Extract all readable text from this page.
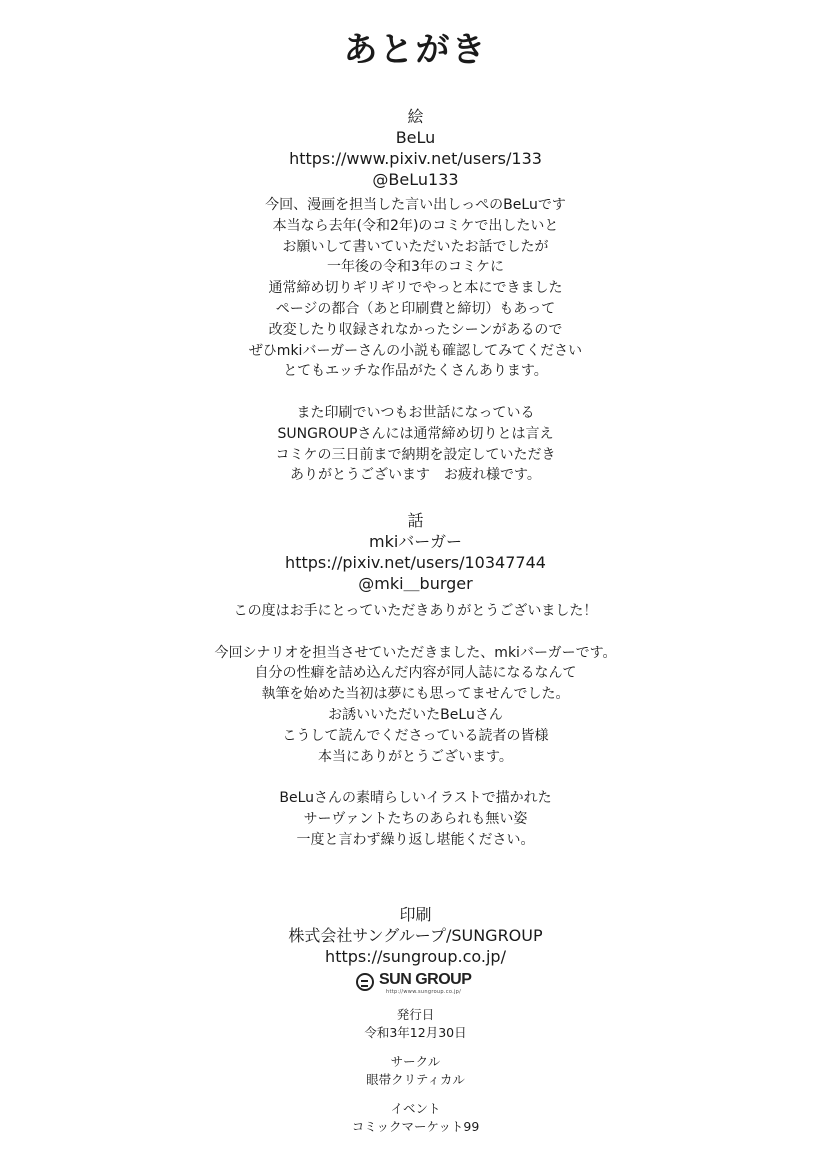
あとがき
絵
BeLu
https://www.pixiv.net/users/133
@BeLu133
今回、漫画を担当した言い出しっぺのBeLuです
本当なら去年(令和2年)のコミケで出したいと
お願いして書いていただいたお話でしたが
一年後の令和3年のコミケに
通常締め切りギリギリでやっと本にできました
ページの都合（あと印刷費と締切）もあって
改変したり収録されなかったシーンがあるので
ぜひmkiバーガーさんの小説も確認してみてください
とてもエッチな作品がたくさんあります。

また印刷でいつもお世話になっている
SUNGROUPさんには通常締め切りとは言え
コミケの三日前まで納期を設定していただき
ありがとうございます　お疲れ様です。
話
mkiバーガー
https://pixiv.net/users/10347744
@mki＿burger
この度はお手にとっていただきありがとうございました！

今回シナリオを担当させていただきました、mkiバーガーです。
自分の性癖を詰め込んだ内容が同人誌になるなんて
執筆を始めた当初は夢にも思ってませんでした。
お誘いいただいたBeLuさん
こうして読んでくださっている読者の皆様
本当にありがとうございます。

BeLuさんの素晴らしいイラストで描かれた
サーヴァントたちのあられも無い姿
一度と言わず繰り返し堪能ください。
印刷
株式会社サングループ/SUNGROUP
https://sungroup.co.jp/
SUN GROUP
http://www.sungroup.co.jp/
発行日
令和3年12月30日
サークル
眼帯クリティカル
イベント
コミックマーケット99
